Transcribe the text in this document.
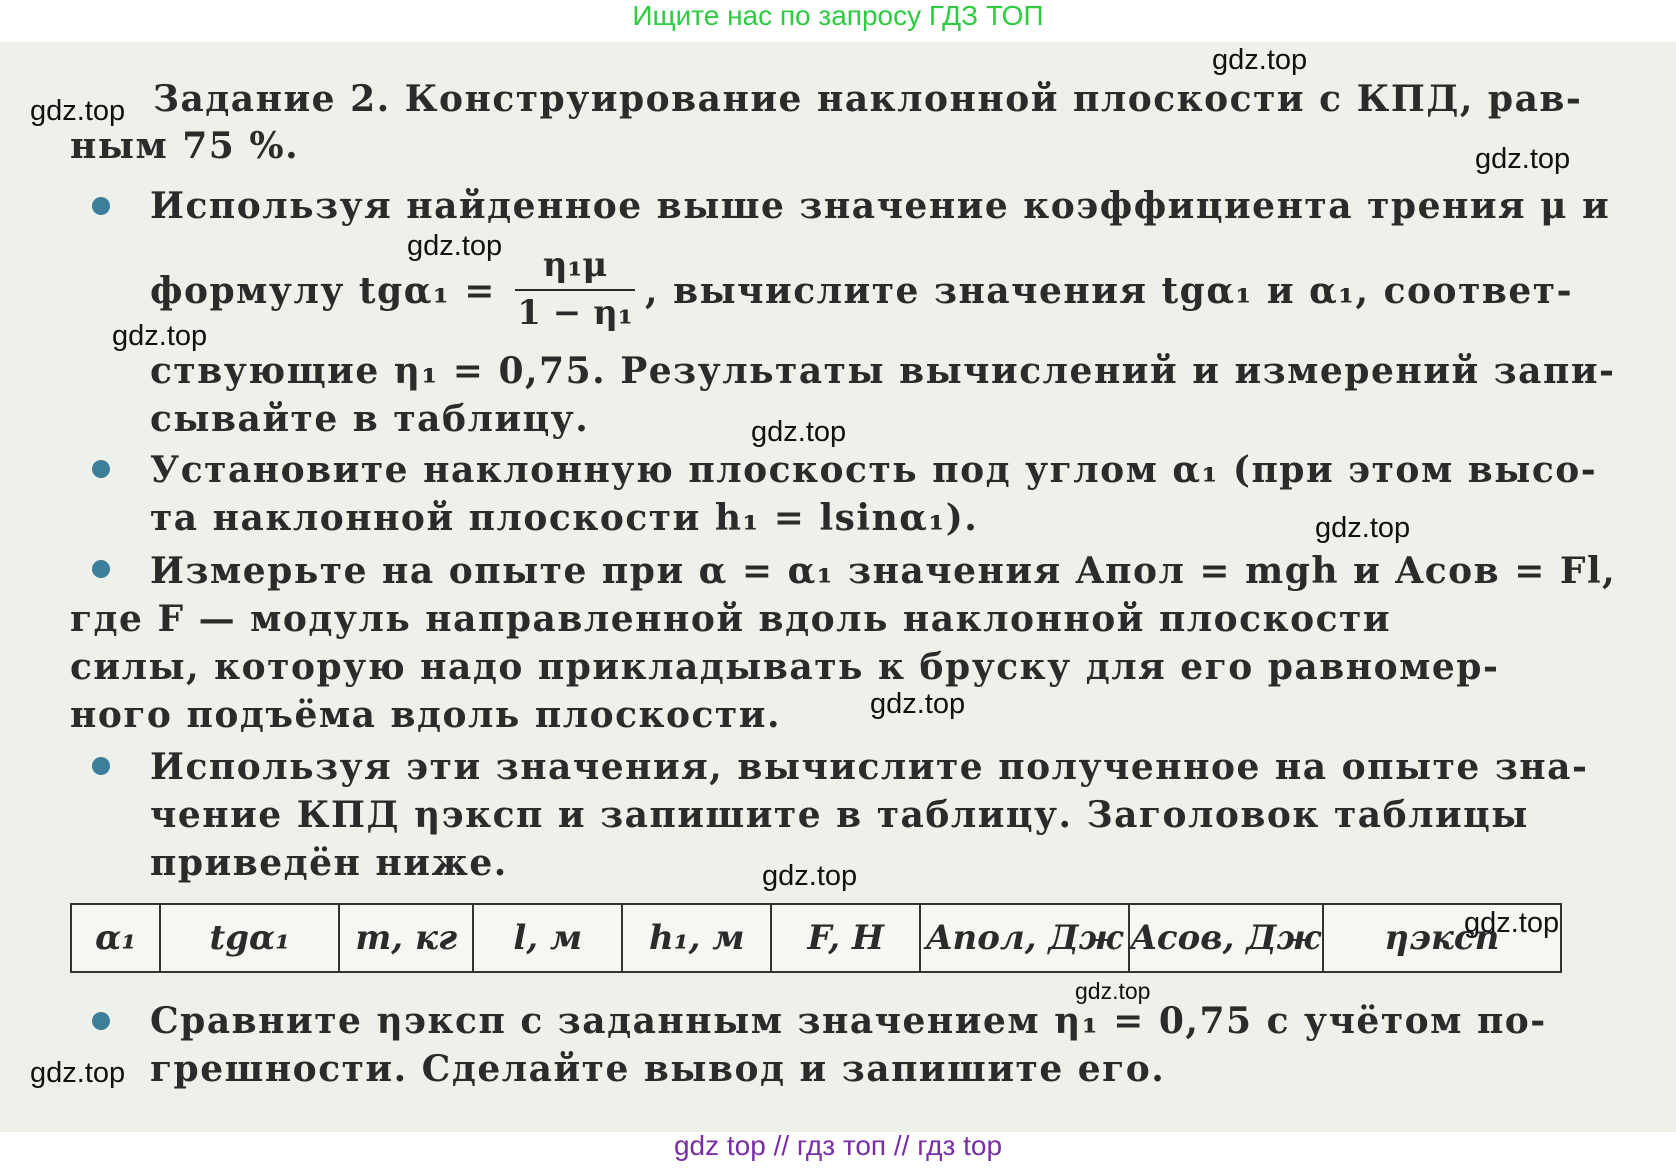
Ищите нас по запросу ГДЗ ТОП
Задание 2. Конструирование наклонной плоскости с КПД, рав-
ным 75 %.
Используя найденное выше значение коэффициента трения μ и
формулу $tg\alpha_1 = \frac{\text{η₁μ}}{\text{1 − η₁}}$ , вычислите значения tgα₁ и α₁, соответ-
ствующие η₁ = 0,75. Результаты вычислений и измерений запи-
сывайте в таблицу.
Установите наклонную плоскость под углом α₁ (при этом высо-
та наклонной плоскости h₁ = lsinα₁).
Измерьте на опыте при α = α₁ значения Aпол = mgh и Aсов = Fl,
где F — модуль направленной вдоль наклонной плоскости
силы, которую надо прикладывать к бруску для его равномер-
ного подъёма вдоль плоскости.
Используя эти значения, вычислите полученное на опыте зна-
чение КПД ηэксп и запишите в таблицу. Заголовок таблицы
приведён ниже.
α₁	tgα₁	m, кг	l, м	h₁, м	F, Н	Aпол, Дж	Aсов, Дж	ηэксп
Сравните ηэксп с заданным значением η₁ = 0,75 с учётом по-
грешности. Сделайте вывод и запишите его.
gdz.top
gdz.top
gdz.top
gdz.top
gdz.top
gdz.top
gdz.top
gdz.top
gdz.top
gdz.top
gdz.top
gdz.top
gdz top // гдз топ // гдз top
